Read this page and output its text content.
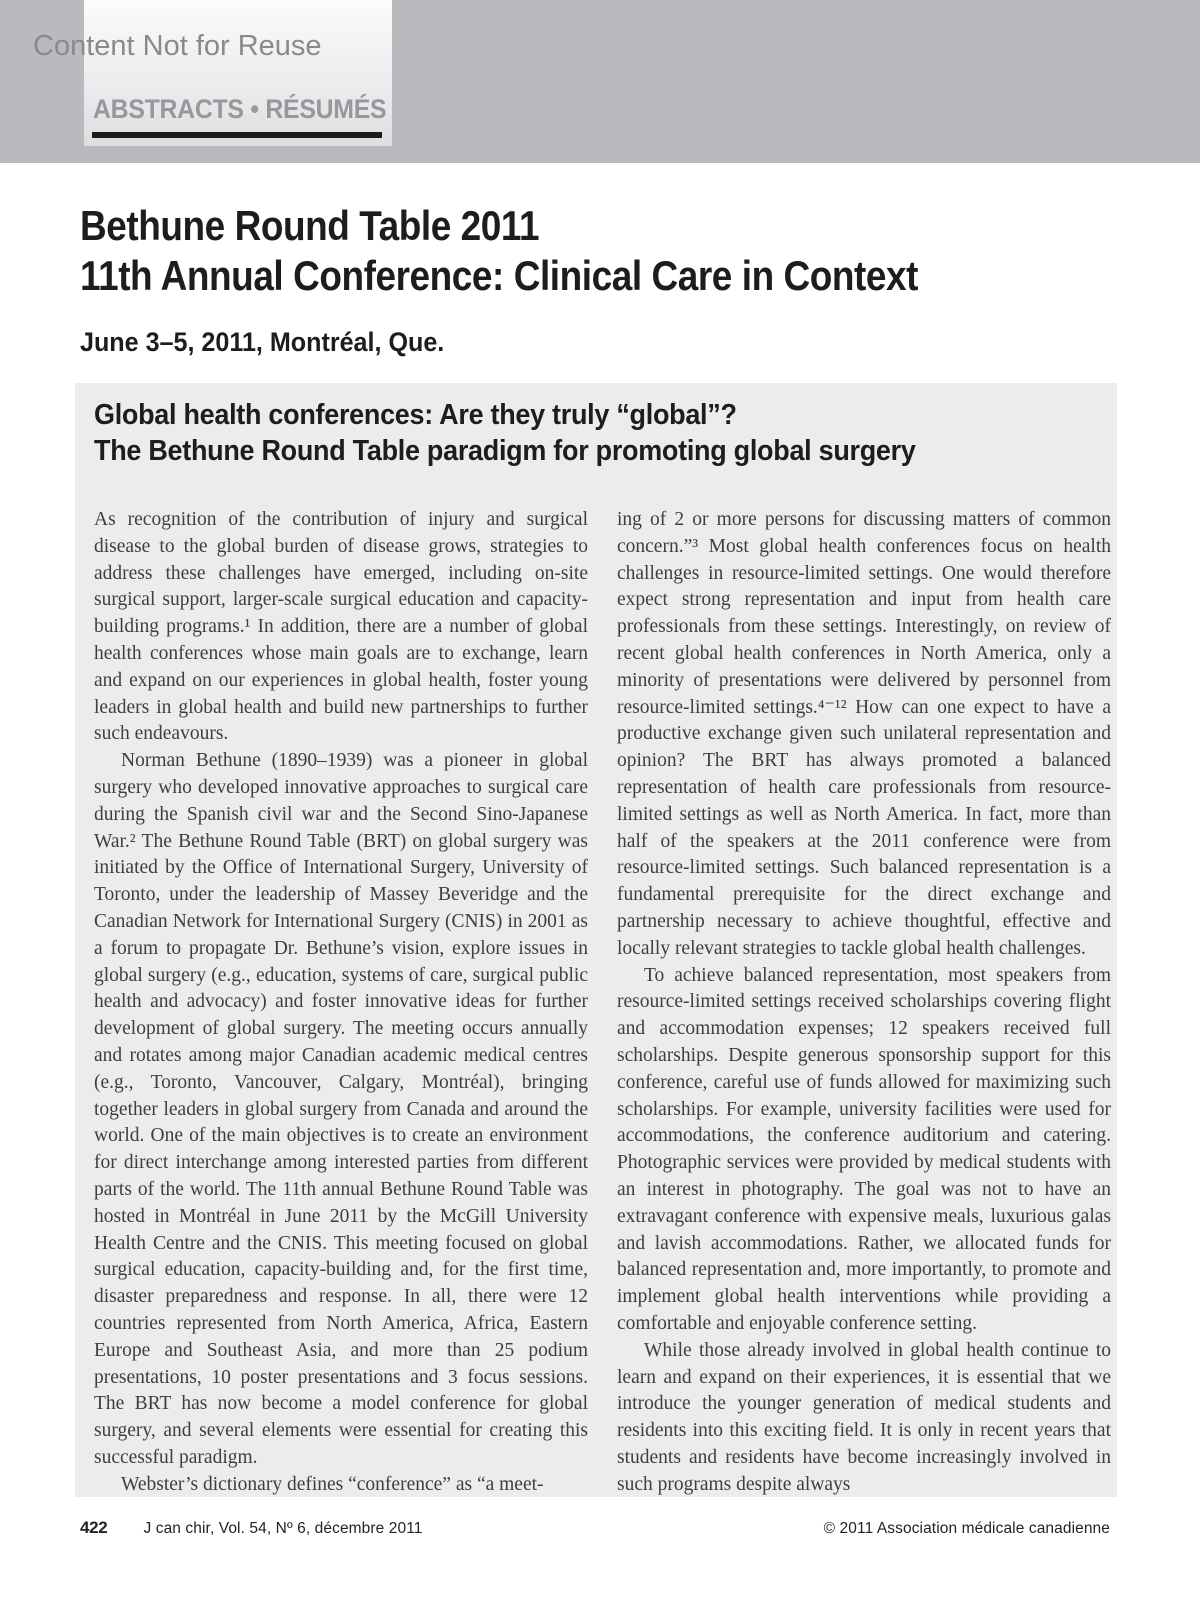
Content Not for Reuse
ABSTRACTS • RÉSUMÉS
Bethune Round Table 2011
11th Annual Conference: Clinical Care in Context
June 3–5, 2011, Montréal, Que.
Global health conferences: Are they truly “global”?
The Bethune Round Table paradigm for promoting global surgery

As recognition of the contribution of injury and surgical disease to the global burden of disease grows, strategies to address these challenges have emerged, including on-site surgical support, larger-scale surgical education and capacity-building programs.¹ In addition, there are a number of global health conferences whose main goals are to exchange, learn and expand on our experiences in global health, foster young leaders in global health and build new partnerships to further such endeavours.

Norman Bethune (1890–1939) was a pioneer in global surgery who developed innovative approaches to surgical care during the Spanish civil war and the Second Sino-Japanese War.² The Bethune Round Table (BRT) on global surgery was initiated by the Office of International Surgery, University of Toronto, under the leadership of Massey Beveridge and the Canadian Network for International Surgery (CNIS) in 2001 as a forum to propagate Dr. Bethune’s vision, explore issues in global surgery (e.g., education, systems of care, surgical public health and advocacy) and foster innovative ideas for further development of global surgery. The meeting occurs annually and rotates among major Canadian academic medical centres (e.g., Toronto, Vancouver, Calgary, Montréal), bringing together leaders in global surgery from Canada and around the world. One of the main objectives is to create an environment for direct interchange among interested parties from different parts of the world. The 11th annual Bethune Round Table was hosted in Montréal in June 2011 by the McGill University Health Centre and the CNIS. This meeting focused on global surgical education, capacity-building and, for the first time, disaster preparedness and response. In all, there were 12 countries represented from North America, Africa, Eastern Europe and Southeast Asia, and more than 25 podium presentations, 10 poster presentations and 3 focus sessions. The BRT has now become a model conference for global surgery, and several elements were essential for creating this successful paradigm.

Webster’s dictionary defines “conference” as “a meet-

ing of 2 or more persons for discussing matters of common concern.”³ Most global health conferences focus on health challenges in resource-limited settings. One would therefore expect strong representation and input from health care professionals from these settings. Interestingly, on review of recent global health conferences in North America, only a minority of presentations were delivered by personnel from resource-limited settings.⁴⁻¹² How can one expect to have a productive exchange given such unilateral representation and opinion? The BRT has always promoted a balanced representation of health care professionals from resource-limited settings as well as North America. In fact, more than half of the speakers at the 2011 conference were from resource-limited settings. Such balanced representation is a fundamental prerequisite for the direct exchange and partnership necessary to achieve thoughtful, effective and locally relevant strategies to tackle global health challenges.

To achieve balanced representation, most speakers from resource-limited settings received scholarships covering flight and accommodation expenses; 12 speakers received full scholarships. Despite generous sponsorship support for this conference, careful use of funds allowed for maximizing such scholarships. For example, university facilities were used for accommodations, the conference auditorium and catering. Photographic services were provided by medical students with an interest in photography. The goal was not to have an extravagant conference with expensive meals, luxurious galas and lavish accommodations. Rather, we allocated funds for balanced representation and, more importantly, to promote and implement global health interventions while providing a comfortable and enjoyable conference setting.

While those already involved in global health continue to learn and expand on their experiences, it is essential that we introduce the younger generation of medical students and residents into this exciting field. It is only in recent years that students and residents have become increasingly involved in such programs despite always

422 J can chir, Vol. 54, Nº 6, décembre 2011	© 2011 Association médicale canadienne
